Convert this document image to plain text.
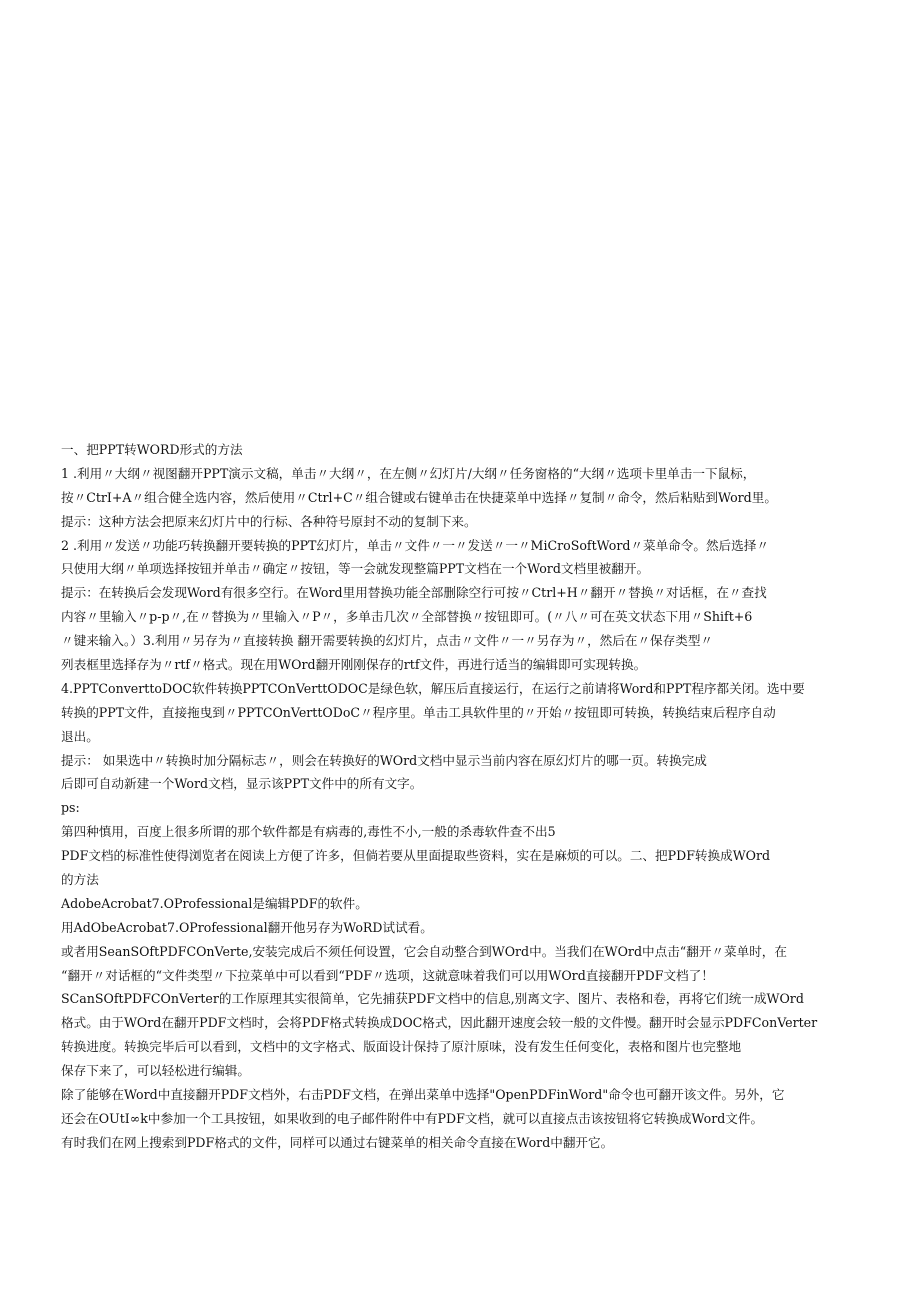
一、把PPT转WORD形式的方法
1 .利用〃大纲〃视图翻开PPT演示文稿，单击〃大纲〃，在左侧〃幻灯片/大纲〃任务窗格的“大纲〃选项卡里单击一下鼠标，
按〃CtrI+A〃组合健全选内容，然后使用〃Ctrl+C〃组合键或右键单击在快捷菜单中选择〃复制〃命令，然后粘贴到Word里。
提示：这种方法会把原来幻灯片中的行标、各种符号原封不动的复制下来。
2 .利用〃发送〃功能巧转换翻开要转换的PPT幻灯片，单击〃文件〃一〃发送〃一〃MiCroSoftWord〃菜单命令。然后选择〃
只使用大纲〃单项选择按钮并单击〃确定〃按钮，等一会就发现整篇PPT文档在一个Word文档里被翻开。
提示：在转换后会发现Word有很多空行。在Word里用替换功能全部删除空行可按〃Ctrl+H〃翻开〃替换〃对话框，在〃查找
内容〃里输入〃p-p〃,在〃替换为〃里输入〃P〃，多单击几次〃全部替换〃按钮即可。(〃八〃可在英文状态下用〃Shift+6
〃键来输入。）3.利用〃另存为〃直接转换 翻开需要转换的幻灯片，点击〃文件〃一〃另存为〃，然后在〃保存类型〃
列表框里选择存为〃rtf〃格式。现在用WOrd翻开刚刚保存的rtf文件，再进行适当的编辑即可实现转换。
4.PPTConverttoDOC软件转换PPTCOnVerttODOC是绿色软，解压后直接运行，在运行之前请将Word和PPT程序都关闭。选中要
转换的PPT文件，直接拖曳到〃PPTCOnVerttODoC〃程序里。单击工具软件里的〃开始〃按钮即可转换，转换结束后程序自动
退出。
提示： 如果选中〃转换时加分隔标志〃，则会在转换好的WOrd文档中显示当前内容在原幻灯片的哪一页。转换完成
后即可自动新建一个Word文档，显示该PPT文件中的所有文字。
ps:
第四种慎用，百度上很多所谓的那个软件都是有病毒的,毒性不小,一般的杀毒软件查不出5
PDF文档的标准性使得浏览者在阅读上方便了许多，但倘若要从里面提取些资料，实在是麻烦的可以。二、把PDF转换成WOrd
的方法
AdobeAcrobat7.OProfessional是编辑PDF的软件。
用AdObeAcrobat7.OProfessional翻开他另存为WoRD试试看。
或者用SeanSOftPDFCOnVerte,安装完成后不须任何设置，它会自动整合到WOrd中。当我们在WOrd中点击“翻开〃菜单时，在
“翻开〃对话框的“文件类型〃下拉菜单中可以看到“PDF〃选项，这就意味着我们可以用WOrd直接翻开PDF文档了！
SCanSOftPDFCOnVerter的工作原理其实很简单，它先捕获PDF文档中的信息,别离文字、图片、表格和卷，再将它们统一成WOrd
格式。由于WOrd在翻开PDF文档时，会将PDF格式转换成DOC格式，因此翻开速度会较一般的文件慢。翻开时会显示PDFConVerter
转换进度。转换完毕后可以看到，文档中的文字格式、版面设计保持了原汁原味，没有发生任何变化，表格和图片也完整地
保存下来了，可以轻松进行编辑。
除了能够在Word中直接翻开PDF文档外，右击PDF文档，在弹出菜单中选择"OpenPDFinWord"命令也可翻开该文件。另外，它
还会在OUtI∞k中参加一个工具按钮，如果收到的电子邮件附件中有PDF文档，就可以直接点击该按钮将它转换成Word文件。
有时我们在网上搜索到PDF格式的文件，同样可以通过右键菜单的相关命令直接在Word中翻开它。
